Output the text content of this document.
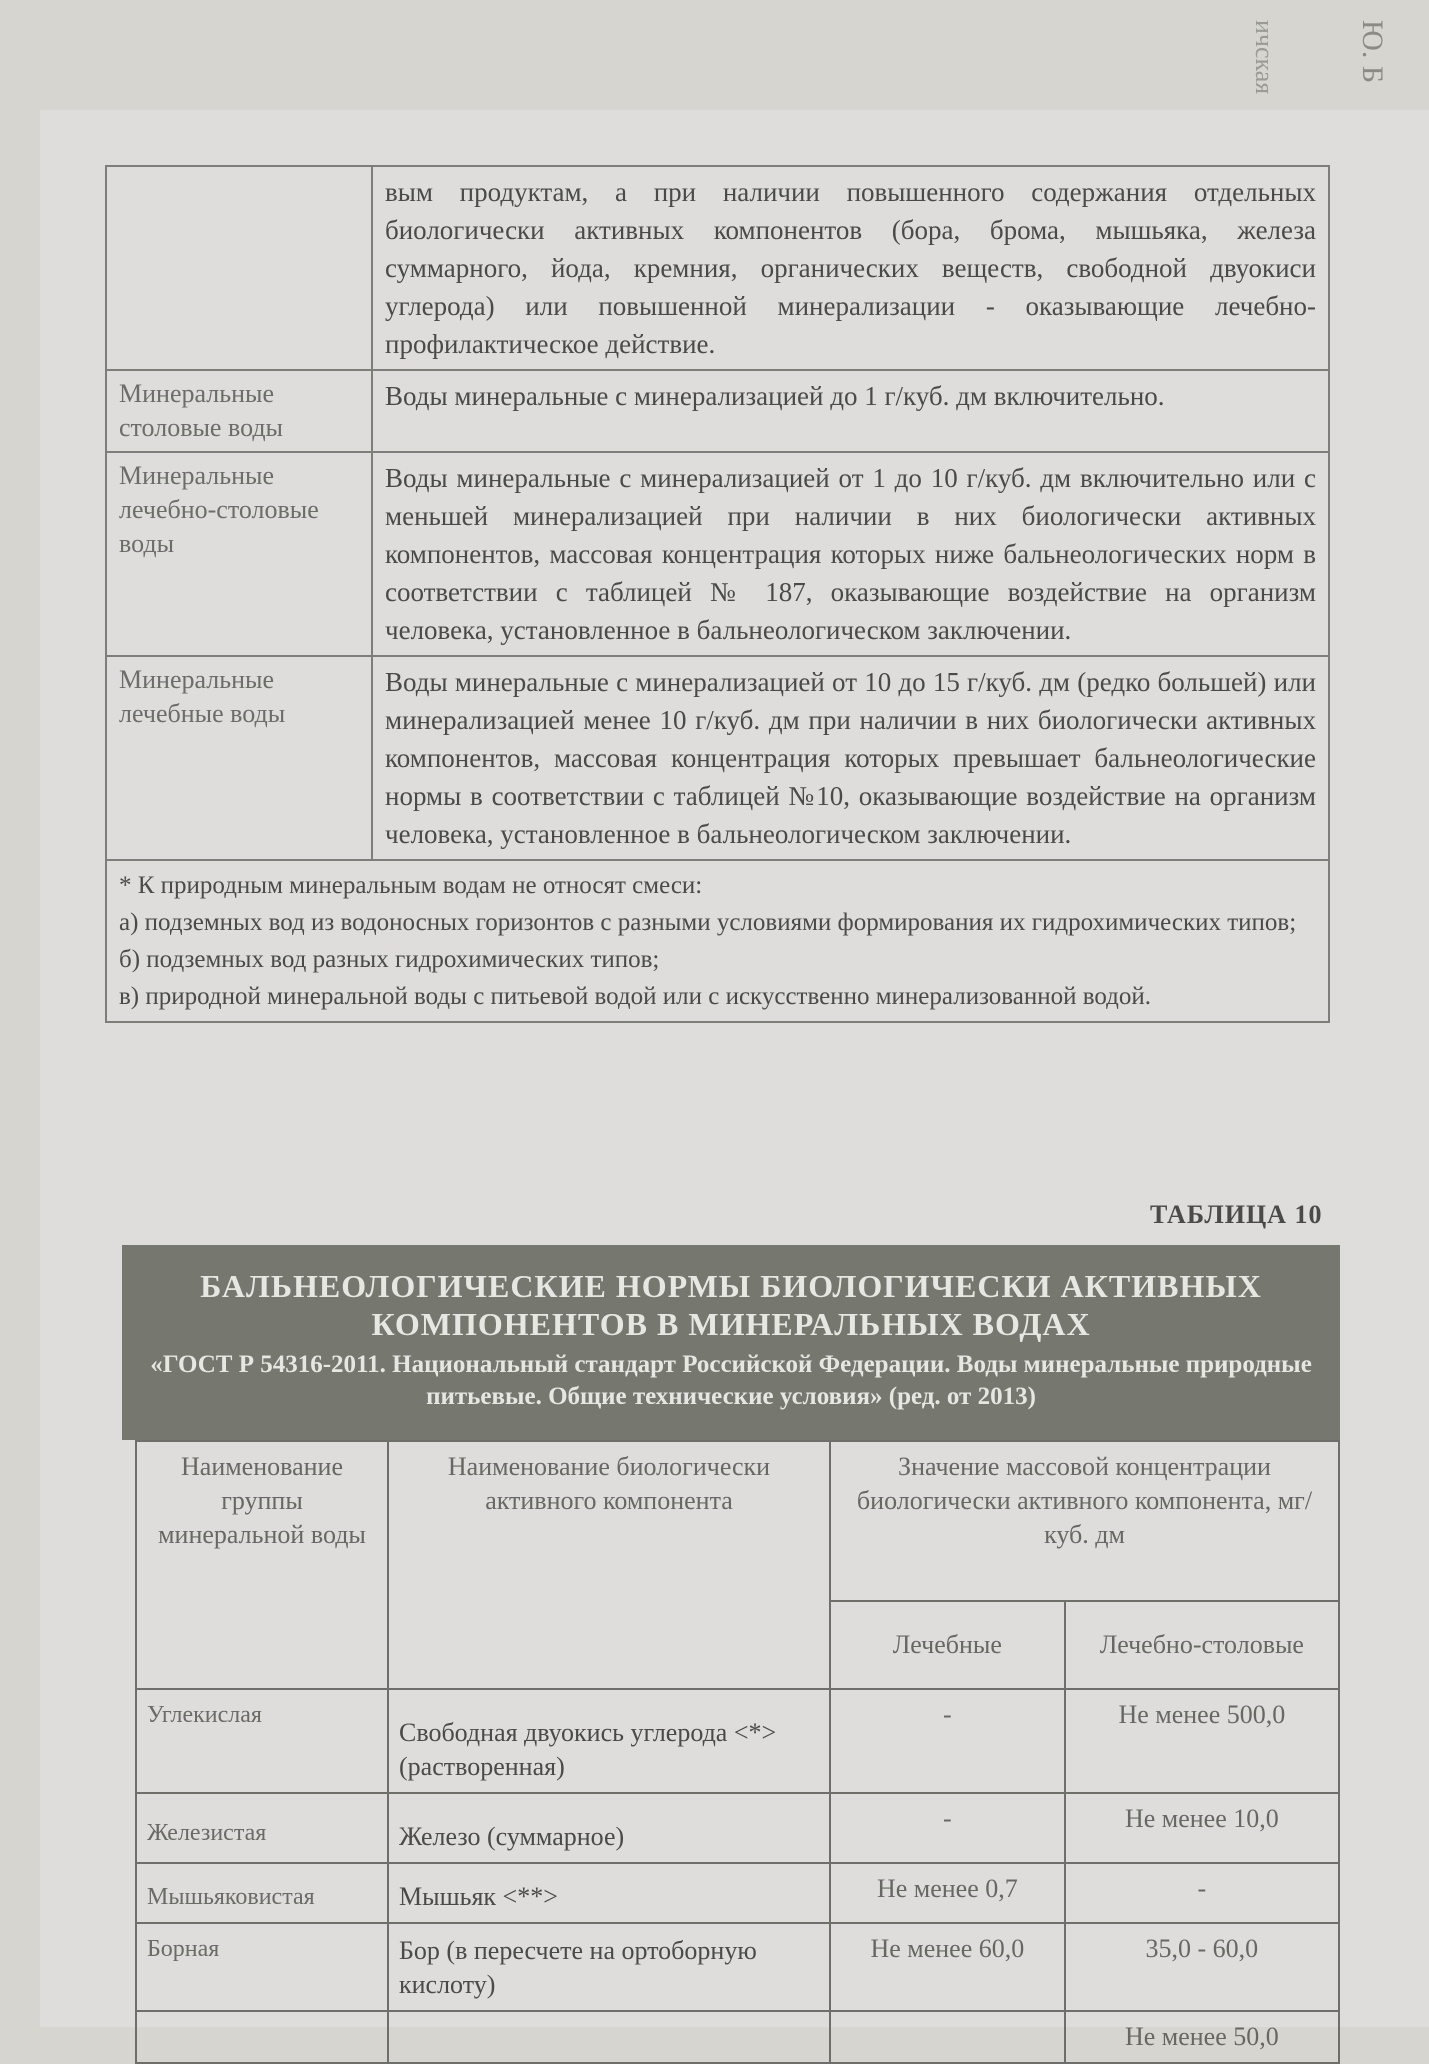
Ю. Б
ичская
	вым продуктам, а при наличии повышенного содержания отдельных биологически активных компонентов (бора, брома, мышьяка, железа суммарного, йода, кремния, органических веществ, свободной двуокиси углерода) или повышенной минерализации - оказывающие лечебно-профилактическое действие.
Минеральные столовые воды	Воды минеральные с минерализацией до 1 г/куб. дм включительно.
Минеральные лечебно-столовые воды	Воды минеральные с минерализацией от 1 до 10 г/куб. дм включительно или с меньшей минерализацией при наличии в них биологически активных компонентов, массовая концентрация которых ниже бальнеологических норм в соответствии с таблицей № 187, оказывающие воздействие на организм человека, установленное в бальнеологическом заключении.
Минеральные лечебные воды	Воды минеральные с минерализацией от 10 до 15 г/куб. дм (редко большей) или минерализацией менее 10 г/куб. дм при наличии в них биологически активных компонентов, массовая концентрация которых превышает бальнеологические нормы в соответствии с таблицей №10, оказывающие воздействие на организм человека, установленное в бальнеологическом заключении.

* К природным минеральным водам не относят смеси:
а) подземных вод из водоносных горизонтов с разными условиями формирования их гидрохимических типов;
б) подземных вод разных гидрохимических типов;
в) природной минеральной воды с питьевой водой или с искусственно минерализованной водой.	
ТАБЛИЦА 10
БАЛЬНЕОЛОГИЧЕСКИЕ НОРМЫ БИОЛОГИЧЕСКИ АКТИВНЫХ КОМПОНЕНТОВ В МИНЕРАЛЬНЫХ ВОДАХ
«ГОСТ Р 54316-2011. Национальный стандарт Российской Федерации. Воды минеральные природные питьевые. Общие технические условия» (ред. от 2013)
Наименование группы минеральной воды	Наименование биологически активного компонента	Значение массовой концентрации биологически активного компонента, мг/куб. дм	
		Лечебные	Лечебно-столовые
Углекислая	Свободная двуокись углерода <*> (растворенная)	-	Не менее 500,0
Железистая	Железо (суммарное)	-	Не менее 10,0
Мышьяковистая	Мышьяк <**>	Не менее 0,7	-
Борная	Бор (в пересчете на ортоборную кислоту)	Не менее 60,0	35,0 - 60,0
			Не менее 50,0
